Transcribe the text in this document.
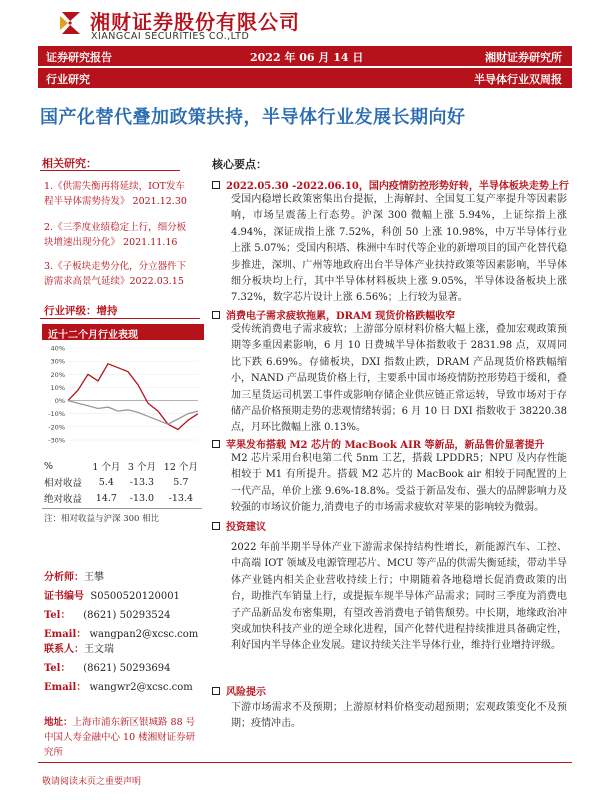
湘财证券股份有限公司
XIANGCAI SECURITIES CO.,LTD
证券研究报告	2022 年 06 月 14 日	湘财证券研究所
行业研究	半导体行业双周报
国产化替代叠加政策扶持，半导体行业发展长期向好
相关研究：
1.《供需失衡再将延续，IOT发车程半导体需势待发》 2021.12.30
2.《三季度业绩稳定上行，细分板块增速出现分化》 2021.11.16
3.《子板块走势分化，分立器件下游需求高景气延续》2022.03.15
行业评级：增持
近十二个月行业表现
40%
30%
20%
10%
0%
-10%
-20%
-30%
%	1 个月	3 个月	12 个月
相对收益	5.4	-13.3	5.7
绝对收益	14.7	-13.0	-13.4
注：相对收益与沪深 300 相比
分析师：王攀
证书编号 S0500520120001
Tel： (8621) 50293524
Email： wangpan2@xcsc.com
联系人：王文瑞
Tel： (8621) 50293694
Email： wangwr2@xcsc.com
地址：上海市浦东新区银城路 88 号中国人寿金融中心 10 楼湘财证券研究所
核心要点：
2022.05.30 -2022.06.10，国内疫情防控形势好转，半导体板块走势上行
受国内稳增长政策密集出台提振，上海解封、全国复工复产率提升等因素影响，市场呈震荡上行态势。沪深 300 微幅上涨 5.94%，上证综指上涨 4.94%，深证成指上涨 7.52%，科创 50 上涨 10.98%，中万半导体行业上涨 5.07%；受国内积塔、株洲中车时代等企业的新增项目的国产化替代稳步推进，深圳、广州等地政府出台半导体产业扶持政策等因素影响，半导体细分板块均上行，其中半导体材料板块上涨 9.05%，半导体设备板块上涨 7.32%，数字芯片设计上涨 6.56%；上行较为显著。
消费电子需求疲软拖累，DRAM 现货价格跌幅收窄
受传统消费电子需求疲软；上游部分原材料价格大幅上涨，叠加宏观政策预期等多重因素影响，6 月 10 日费城半导体指数收于 2831.98 点，双周同比下跌 6.69%。存储板块，DXI 指数止跌，DRAM 产品现货价格跌幅缩小，NAND 产品现货价格上行，主要系中国市场疫情防控形势趋于缓和，叠加三星货运司机罢工事件或影响存储企业供应链正常运转，导致市场对于存储产品价格预期走势的悲观情绪转弱；6 月 10 日 DXI 指数收于 38220.38 点，月环比微幅上涨 0.13%。
苹果发布搭载 M2 芯片的 MacBook AIR 等新品，新品售价显著提升
M2 芯片采用台积电第二代 5nm 工艺，搭载 LPDDR5；NPU 及内存性能相较于 M1 有所提升。搭载 M2 芯片的 MacBook air 相较于同配置的上一代产品，单价上涨 9.6%-18.8%。受益于新品发布、强大的品牌影响力及较强的市场议价能力,消费电子的市场需求疲软对苹果的影响较为微弱。
投资建议
2022 年前半期半导体产业下游需求保持结构性增长，新能源汽车、工控、中高端 IOT 领域及电源管理芯片、MCU 等产品的供需失衡延续，带动半导体产业链内相关企业营收持续上行；中期随着各地稳增长促消费政策的出台，助推汽车销量上行，或提振车规半导体产品需求；同时三季度为消费电子产品新品发布密集期，有望改善消费电子销售颓势。中长期，地缘政治冲突或加快科技产业的逆全球化进程，国产化替代进程持续推进具备确定性，利好国内半导体企业发展。建议持续关注半导体行业，维持行业增持评级。
风险提示
下游市场需求不及预期；上游原材料价格变动超预期；宏观政策变化不及预期；疫情冲击。
敬请阅读末页之重要声明
